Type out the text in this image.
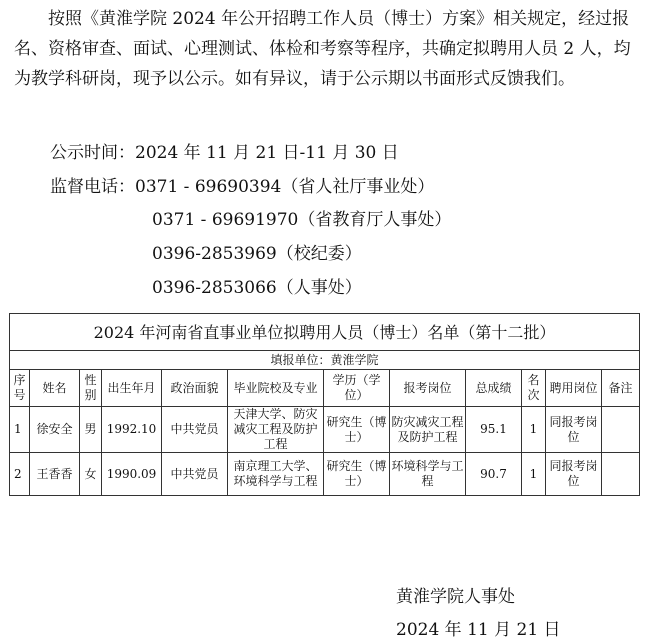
按照《黄淮学院 2024 年公开招聘工作人员（博士）方案》相关规定，经过报名、资格审查、面试、心理测试、体检和考察等程序，共确定拟聘用人员 2 人，均为教学科研岗，现予以公示。如有异议，请于公示期以书面形式反馈我们。

公示时间：2024 年 11 月 21 日-11 月 30 日
监督电话：0371 - 69690394（省人社厅事业处）
0371 - 69691970（省教育厅人事处）
0396-2853969（校纪委）
0396-2853066（人事处）
2024 年河南省直事业单位拟聘用人员（博士）名单（第十二批）											
填报单位：黄淮学院											
序号	姓名	性别	出生年月	政治面貌	毕业院校及专业	学历（学位）	报考岗位	总成绩	名次	聘用岗位	备注
1	徐安全	男	1992.10	中共党员	天津大学、防灾减灾工程及防护工程	研究生（博士）	防灾减灾工程及防护工程	95.1	1	同报考岗位	
2	王香香	女	1990.09	中共党员	南京理工大学、环境科学与工程	研究生（博士）	环境科学与工程	90.7	1	同报考岗位	
黄淮学院人事处
2024 年 11 月 21 日
